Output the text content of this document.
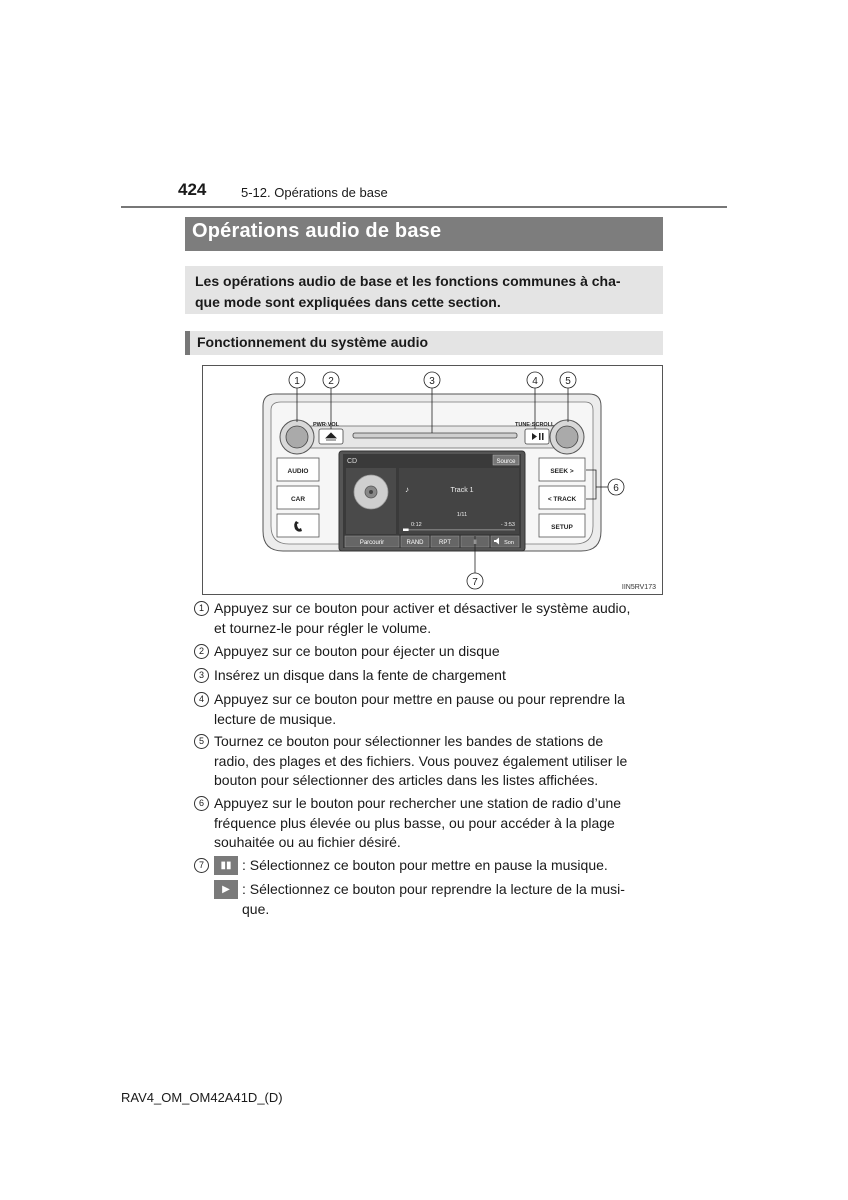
424	5-12. Opérations de base
Opérations audio de base
Les opérations audio de base et les fonctions communes à cha-
que mode sont expliquées dans cette section.
Fonctionnement du système audio
PWR·VOL	TUNE·SCROLL
AUDIO
CAR
SEEK >
< TRACK
SETUP
CD	Source
♪	Track 1
1/11
0:12	- 3:53
Parcourir	RAND	RPT	II	Son
1	2	3	4	5
6
7	IIN5RV173
1 Appuyez sur ce bouton pour activer et désactiver le système audio,
et tournez-le pour régler le volume.
2 Appuyez sur ce bouton pour éjecter un disque
3 Insérez un disque dans la fente de chargement
4 Appuyez sur ce bouton pour mettre en pause ou pour reprendre la
lecture de musique.
5 Tournez ce bouton pour sélectionner les bandes de stations de
radio, des plages et des fichiers. Vous pouvez également utiliser le
bouton pour sélectionner des articles dans les listes affichées.
6 Appuyez sur le bouton pour rechercher une station de radio d’une
fréquence plus élevée ou plus basse, ou pour accéder à la plage
souhaitée ou au fichier désiré.
7	▮▮ : Sélectionnez ce bouton pour mettre en pause la musique.
▶ : Sélectionnez ce bouton pour reprendre la lecture de la musi-
que.
RAV4_OM_OM42A41D_(D)
